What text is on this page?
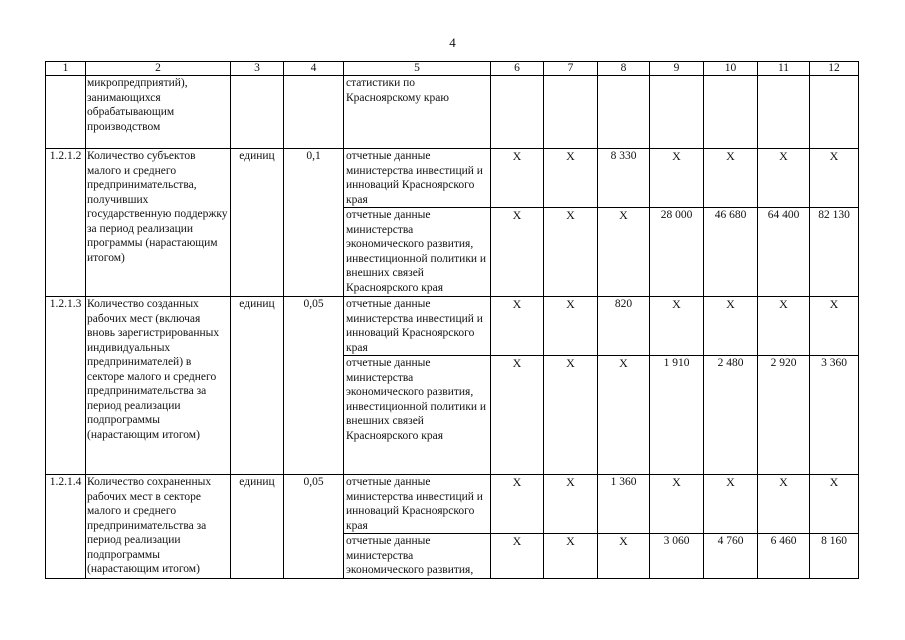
4
1	2	3	4	5	6	7	8	9	10	11	12
	микропредприятий), занимающихся обрабатывающим производством			статистики по Красноярскому краю							
1.2.1.2	Количество субъектов малого и среднего предпринимательства, получивших государственную поддержку за период реализации программы (нарастающим итогом)	единиц	0,1	отчетные данные министерства инвестиций и инноваций Красноярского края	Х	Х	8 330	Х	Х	Х	Х
				отчетные данные министерства экономического развития, инвестиционной политики и внешних связей Красноярского края	Х	Х	Х	28 000	46 680	64 400	82 130
1.2.1.3	Количество созданных рабочих мест (включая вновь зарегистрированных индивидуальных предпринимателей) в секторе малого и среднего предпринимательства за период реализации подпрограммы (нарастающим итогом)	единиц	0,05	отчетные данные министерства инвестиций и инноваций Красноярского края	Х	Х	820	Х	Х	Х	Х
				отчетные данные министерства экономического развития, инвестиционной политики и внешних связей Красноярского края	Х	Х	Х	1 910	2 480	2 920	3 360
1.2.1.4	Количество сохраненных рабочих мест в секторе малого и среднего предпринимательства за период реализации подпрограммы (нарастающим итогом)	единиц	0,05	отчетные данные министерства инвестиций и инноваций Красноярского края	Х	Х	1 360	Х	Х	Х	Х
				отчетные данные министерства экономического развития,	Х	Х	Х	3 060	4 760	6 460	8 160
